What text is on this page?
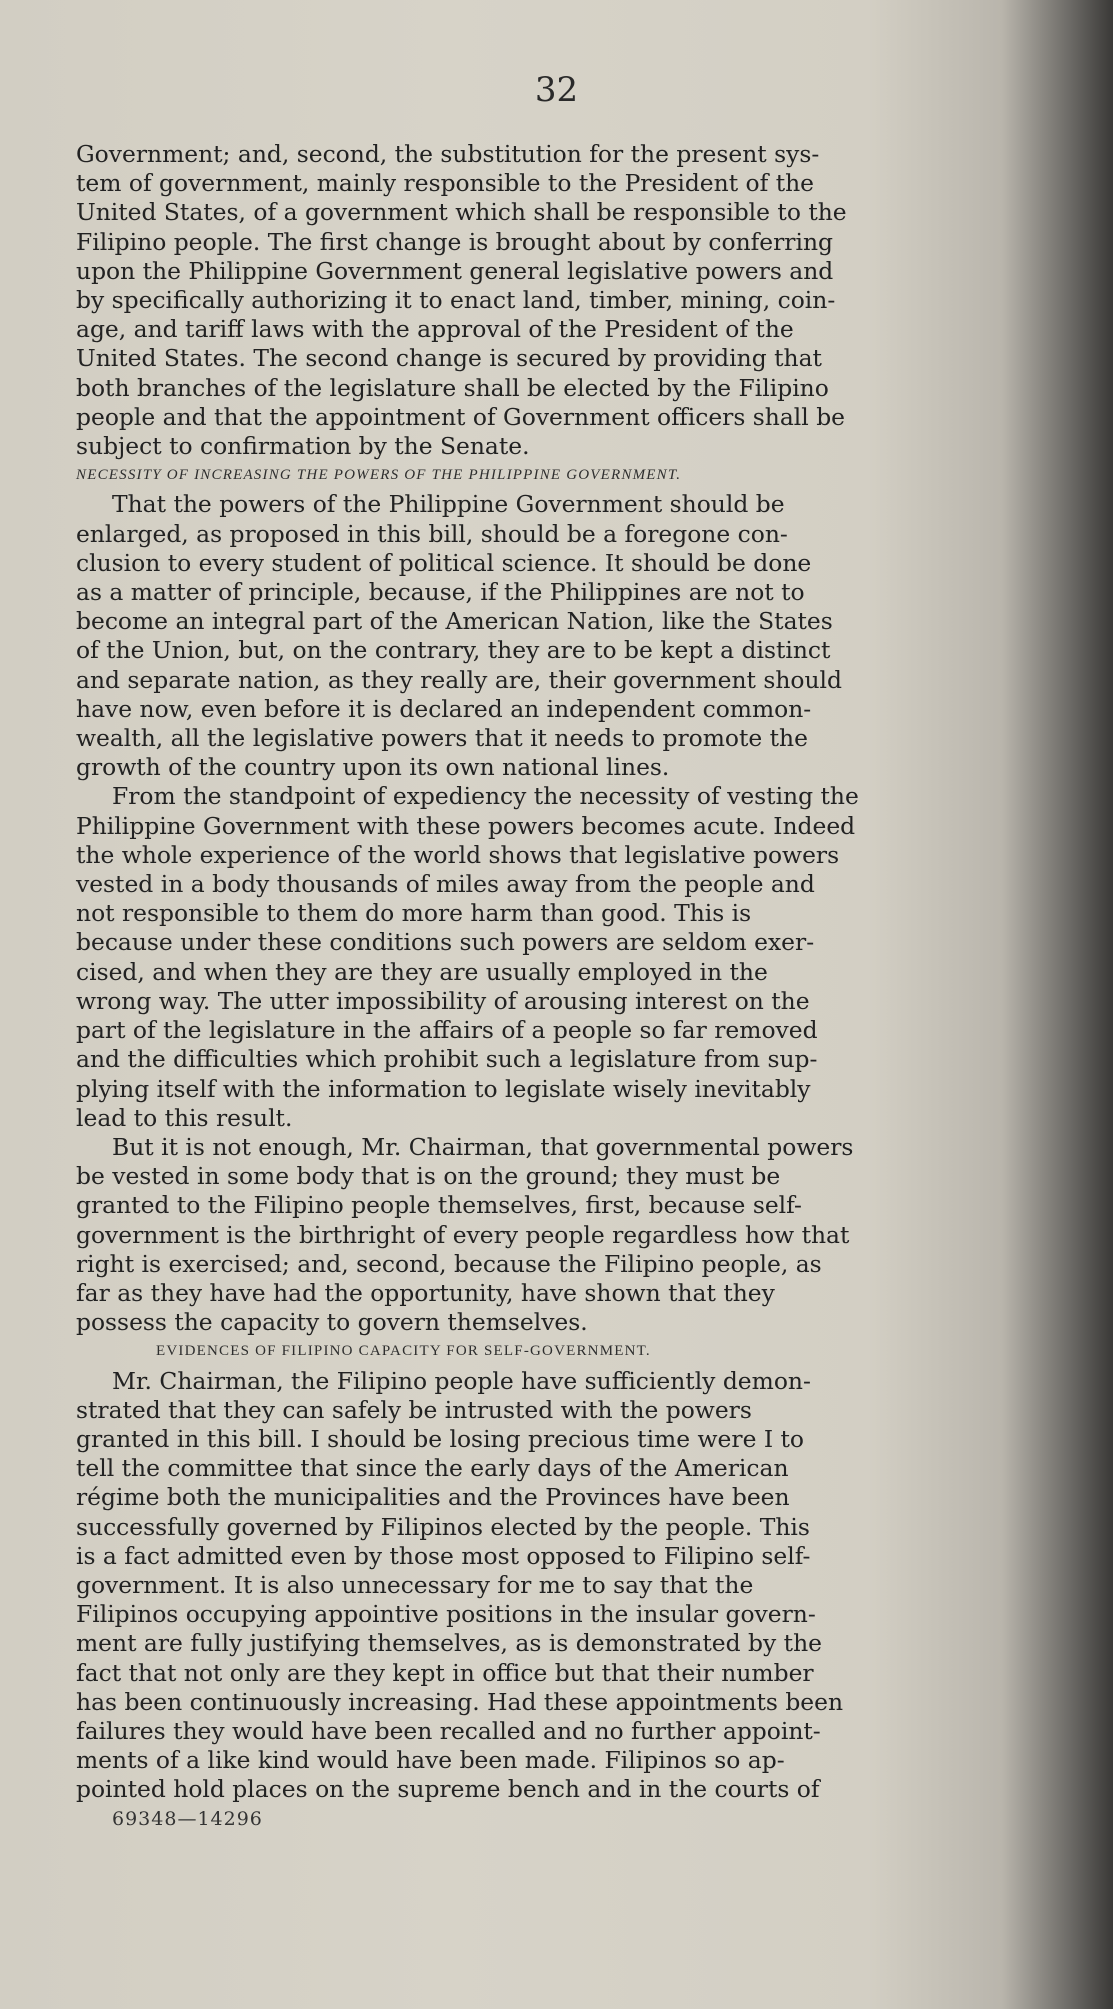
32
Government; and, second, the substitution for the present sys-
tem of government, mainly responsible to the President of the
United States, of a government which shall be responsible to the
Filipino people. The first change is brought about by conferring
upon the Philippine Government general legislative powers and
by specifically authorizing it to enact land, timber, mining, coin-
age, and tariff laws with the approval of the President of the
United States. The second change is secured by providing that
both branches of the legislature shall be elected by the Filipino
people and that the appointment of Government officers shall be
subject to confirmation by the Senate.
NECESSITY OF INCREASING THE POWERS OF THE PHILIPPINE GOVERNMENT.
That the powers of the Philippine Government should be
enlarged, as proposed in this bill, should be a foregone con-
clusion to every student of political science. It should be done
as a matter of principle, because, if the Philippines are not to
become an integral part of the American Nation, like the States
of the Union, but, on the contrary, they are to be kept a distinct
and separate nation, as they really are, their government should
have now, even before it is declared an independent common-
wealth, all the legislative powers that it needs to promote the
growth of the country upon its own national lines.
From the standpoint of expediency the necessity of vesting the
Philippine Government with these powers becomes acute. Indeed
the whole experience of the world shows that legislative powers
vested in a body thousands of miles away from the people and
not responsible to them do more harm than good. This is
because under these conditions such powers are seldom exer-
cised, and when they are they are usually employed in the
wrong way. The utter impossibility of arousing interest on the
part of the legislature in the affairs of a people so far removed
and the difficulties which prohibit such a legislature from sup-
plying itself with the information to legislate wisely inevitably
lead to this result.
But it is not enough, Mr. Chairman, that governmental powers
be vested in some body that is on the ground; they must be
granted to the Filipino people themselves, first, because self-
government is the birthright of every people regardless how that
right is exercised; and, second, because the Filipino people, as
far as they have had the opportunity, have shown that they
possess the capacity to govern themselves.
EVIDENCES OF FILIPINO CAPACITY FOR SELF-GOVERNMENT.
Mr. Chairman, the Filipino people have sufficiently demon-
strated that they can safely be intrusted with the powers
granted in this bill. I should be losing precious time were I to
tell the committee that since the early days of the American
régime both the municipalities and the Provinces have been
successfully governed by Filipinos elected by the people. This
is a fact admitted even by those most opposed to Filipino self-
government. It is also unnecessary for me to say that the
Filipinos occupying appointive positions in the insular govern-
ment are fully justifying themselves, as is demonstrated by the
fact that not only are they kept in office but that their number
has been continuously increasing. Had these appointments been
failures they would have been recalled and no further appoint-
ments of a like kind would have been made. Filipinos so ap-
pointed hold places on the supreme bench and in the courts of
69348—14296
